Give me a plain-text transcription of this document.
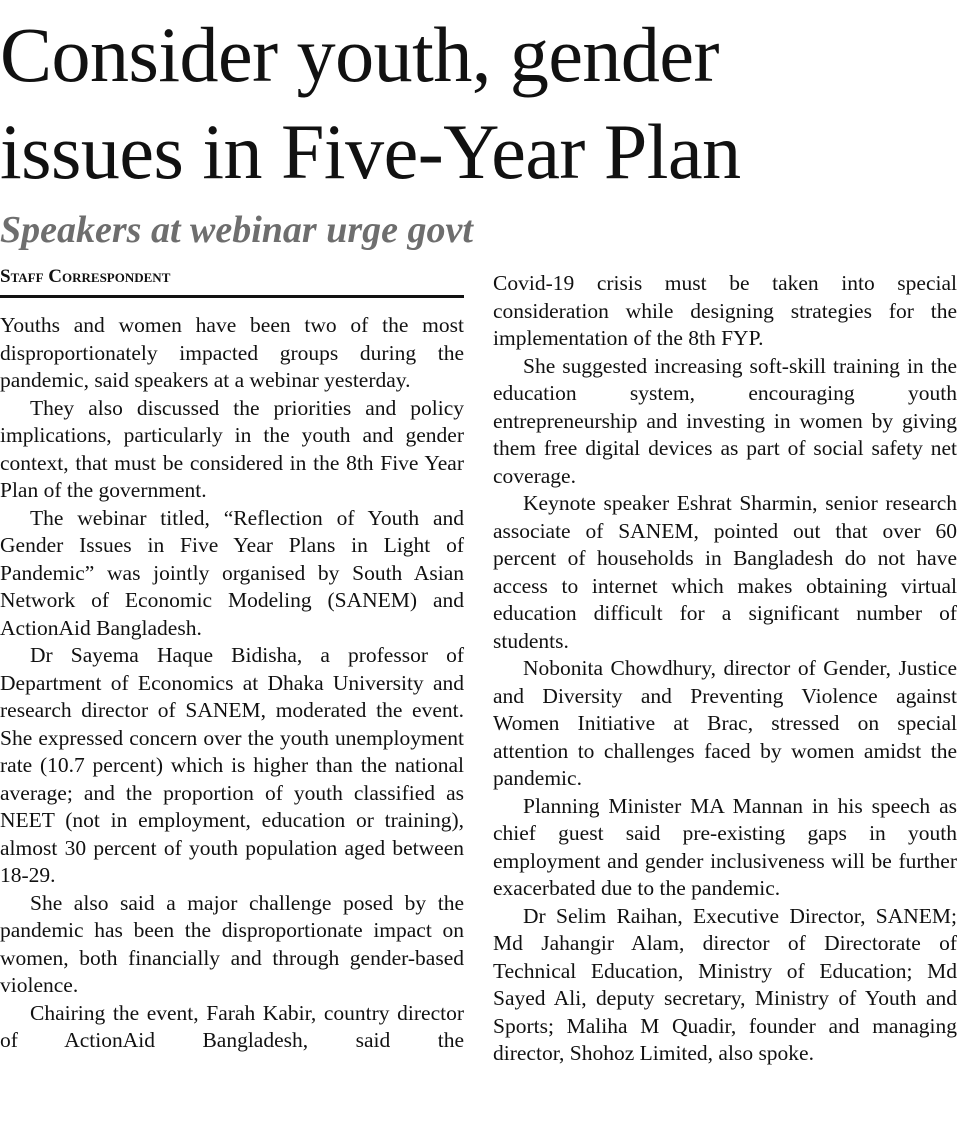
Consider youth, gender
issues in Five-Year Plan
Speakers at webinar urge govt
Staff Correspondent

Youths and women have been two of the most disproportionately impacted groups during the pandemic, said speakers at a webinar yesterday.

They also discussed the priorities and policy implications, particularly in the youth and gender context, that must be considered in the 8th Five Year Plan of the government.

The webinar titled, “Reflection of Youth and Gender Issues in Five Year Plans in Light of Pandemic” was jointly organised by South Asian Network of Economic Modeling (SANEM) and ActionAid Bangladesh.

Dr Sayema Haque Bidisha, a professor of Department of Economics at Dhaka University and research director of SANEM, moderated the event. She expressed concern over the youth unemployment rate (10.7 percent) which is higher than the national average; and the proportion of youth classified as NEET (not in employment, education or training), almost 30 percent of youth population aged between 18-29.

She also said a major challenge posed by the pandemic has been the disproportionate impact on women, both financially and through gender-based violence.

Chairing the event, Farah Kabir, country director of ActionAid Bangladesh, said the

Covid-19 crisis must be taken into special consideration while designing strategies for the implementation of the 8th FYP.

She suggested increasing soft-skill training in the education system, encouraging youth entrepreneurship and investing in women by giving them free digital devices as part of social safety net coverage.

Keynote speaker Eshrat Sharmin, senior research associate of SANEM, pointed out that over 60 percent of households in Bangladesh do not have access to internet which makes obtaining virtual education difficult for a significant number of students.

Nobonita Chowdhury, director of Gender, Justice and Diversity and Preventing Violence against Women Initiative at Brac, stressed on special attention to challenges faced by women amidst the pandemic.

Planning Minister MA Mannan in his speech as chief guest said pre-existing gaps in youth employment and gender inclusiveness will be further exacerbated due to the pandemic.

Dr Selim Raihan, Executive Director, SANEM; Md Jahangir Alam, director of Directorate of Technical Education, Ministry of Education; Md Sayed Ali, deputy secretary, Ministry of Youth and Sports; Maliha M Quadir, founder and managing director, Shohoz Limited, also spoke.
